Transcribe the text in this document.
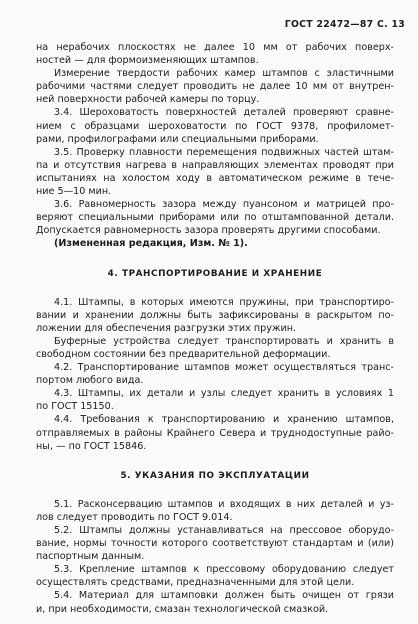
ГОСТ 22472—87 С. 13
на нерабочих плоскостях не далее 10 мм от рабочих поверх-
ностей — для формоизменяющих штампов.
Измерение твердости рабочих камер штампов с эластичными
рабочими частями следует проводить не далее 10 мм от внутрен-
ней поверхности рабочей камеры по торцу.
3.4. Шероховатость поверхностей деталей проверяют сравне-
нием с образцами шероховатости по ГОСТ 9378, профиломет-
рами, профилографами или специальными приборами.
3.5. Проверку плавности перемещения подвижных частей штам-
па и отсутствия нагрева в направляющих элементах проводят при
испытаниях на холостом ходу в автоматическом режиме в тече-
ние 5—10 мин.
3.6. Равномерность зазора между пуансоном и матрицей про-
веряют специальными приборами или по отштампованной детали.
Допускается равномерность зазора проверять другими способами.
(Измененная редакция, Изм. № 1).
4. ТРАНСПОРТИРОВАНИЕ И ХРАНЕНИЕ
4.1. Штампы, в которых имеются пружины, при транспортиро-
вании и хранении должны быть зафиксированы в раскрытом по-
ложении для обеспечения разгрузки этих пружин.
Буферные устройства следует транспортировать и хранить в
свободном состоянии без предварительной деформации.
4.2. Транспортирование штампов может осуществляться транс-
портом любого вида.
4.3. Штампы, их детали и узлы следует хранить в условиях 1
по ГОСТ 15150.
4.4. Требования к транспортированию и хранению штампов,
отправляемых в районы Крайнего Севера и труднодоступные райо-
ны, — по ГОСТ 15846.
5. УКАЗАНИЯ ПО ЭКСПЛУАТАЦИИ
5.1. Расконсервацию штампов и входящих в них деталей и уз-
лов следует проводить по ГОСТ 9.014.
5.2. Штампы должны устанавливаться на прессовое оборудо-
вание, нормы точности которого соответствуют стандартам и (или)
паспортным данным.
5.3. Крепление штампов к прессовому оборудованию следует
осуществлять средствами, предназначенными для этой цели.
5.4. Материал для штамповки должен быть очищен от грязи
и, при необходимости, смазан технологической смазкой.
